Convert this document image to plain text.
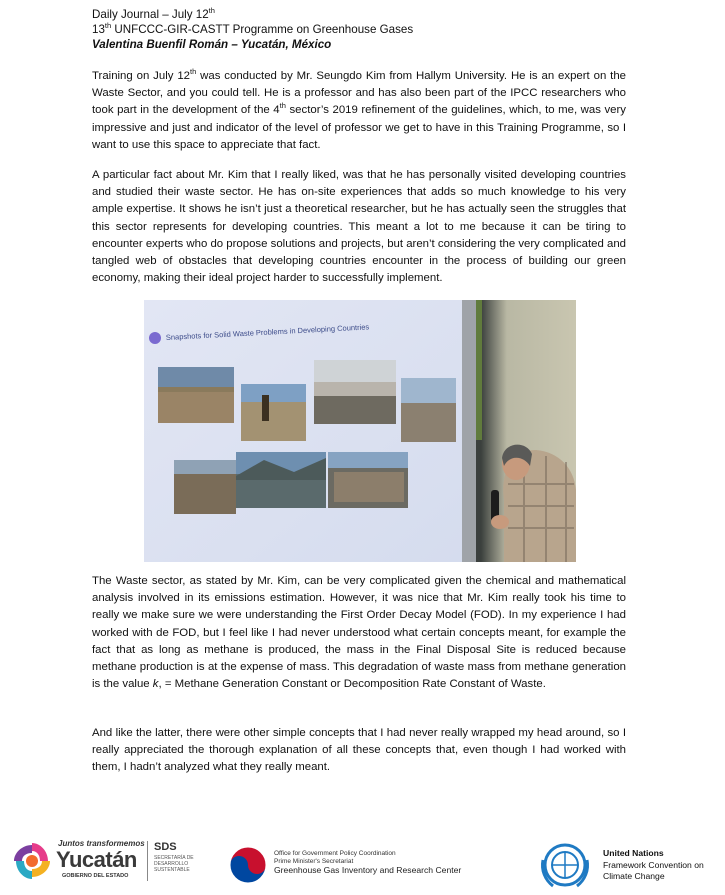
Daily Journal – July 12th
13th UNFCCC-GIR-CASTT Programme on Greenhouse Gases
Valentina Buenfil Román – Yucatán, México

Training on July 12th was conducted by Mr. Seungdo Kim from Hallym University. He is an expert on the Waste Sector, and you could tell. He is a professor and has also been part of the IPCC researchers who took part in the development of the 4th sector’s 2019 refinement of the guidelines, which, to me, was very impressive and just and indicator of the level of professor we get to have in this Training Programme, so I want to use this space to appreciate that fact.

A particular fact about Mr. Kim that I really liked, was that he has personally visited developing countries and studied their waste sector. He has on-site experiences that adds so much knowledge to his very ample expertise. It shows he isn’t just a theoretical researcher, but he has actually seen the struggles that this sector represents for developing countries. This meant a lot to me because it can be tiring to encounter experts who do propose solutions and projects, but aren’t considering the very complicated and tangled web of obstacles that developing countries encounter in the process of building our green economy, making their ideal project harder to successfully implement.

Snapshots for Solid Waste Problems in Developing Countries

The Waste sector, as stated by Mr. Kim, can be very complicated given the chemical and mathematical analysis involved in its emissions estimation. However, it was nice that Mr. Kim really took his time to really we make sure we were understanding the First Order Decay Model (FOD). In my experience I had worked with de FOD, but I feel like I had never understood what certain concepts meant, for example the fact that as long as methane is produced, the mass in the Final Disposal Site is reduced because methane production is at the expense of mass. This degradation of waste mass from methane generation is the value k, = Methane Generation Constant or Decomposition Rate Constant of Waste.

And like the latter, there were other simple concepts that I had never really wrapped my head around, so I really appreciated the thorough explanation of all these concepts that, even though I had worked with them, I hadn’t analyzed what they really meant.

Juntos transformemos
Yucatán
GOBIERNO DEL ESTADO
SDS
SECRETARÍA DE DESARROLLO SUSTENTABLE
Office for Government Policy Coordination
Prime Minister's Secretariat
Greenhouse Gas Inventory and Research Center
United Nations
Framework Convention on Climate Change
